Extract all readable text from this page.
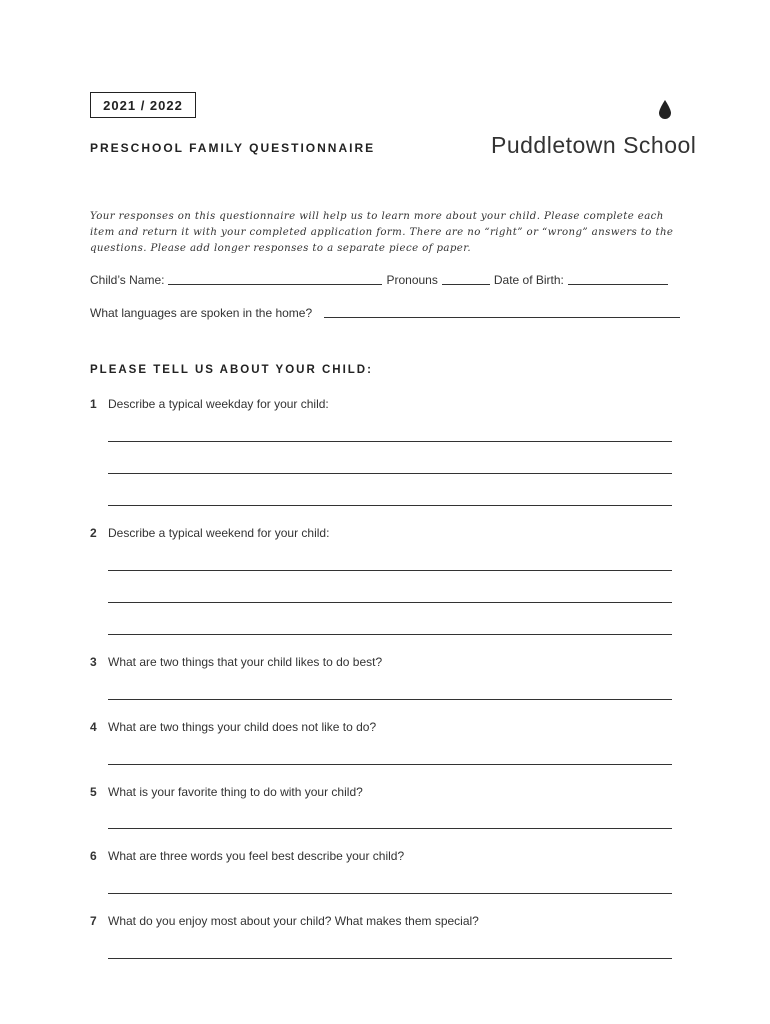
2021 / 2022
PRESCHOOL FAMILY QUESTIONNAIRE	Puddletown School
Your responses on this questionnaire will help us to learn more about your child. Please complete each item and return it with your completed application form. There are no “right” or “wrong” answers to the questions. Please add longer responses to a separate piece of paper.
Child’s Name:	Pronouns	Date of Birth:
What languages are spoken in the home?
PLEASE TELL US ABOUT YOUR CHILD:
1 Describe a typical weekday for your child:
2 Describe a typical weekend for your child:
3 What are two things that your child likes to do best?
4 What are two things your child does not like to do?
5 What is your favorite thing to do with your child?
6 What are three words you feel best describe your child?
7 What do you enjoy most about your child? What makes them special?
